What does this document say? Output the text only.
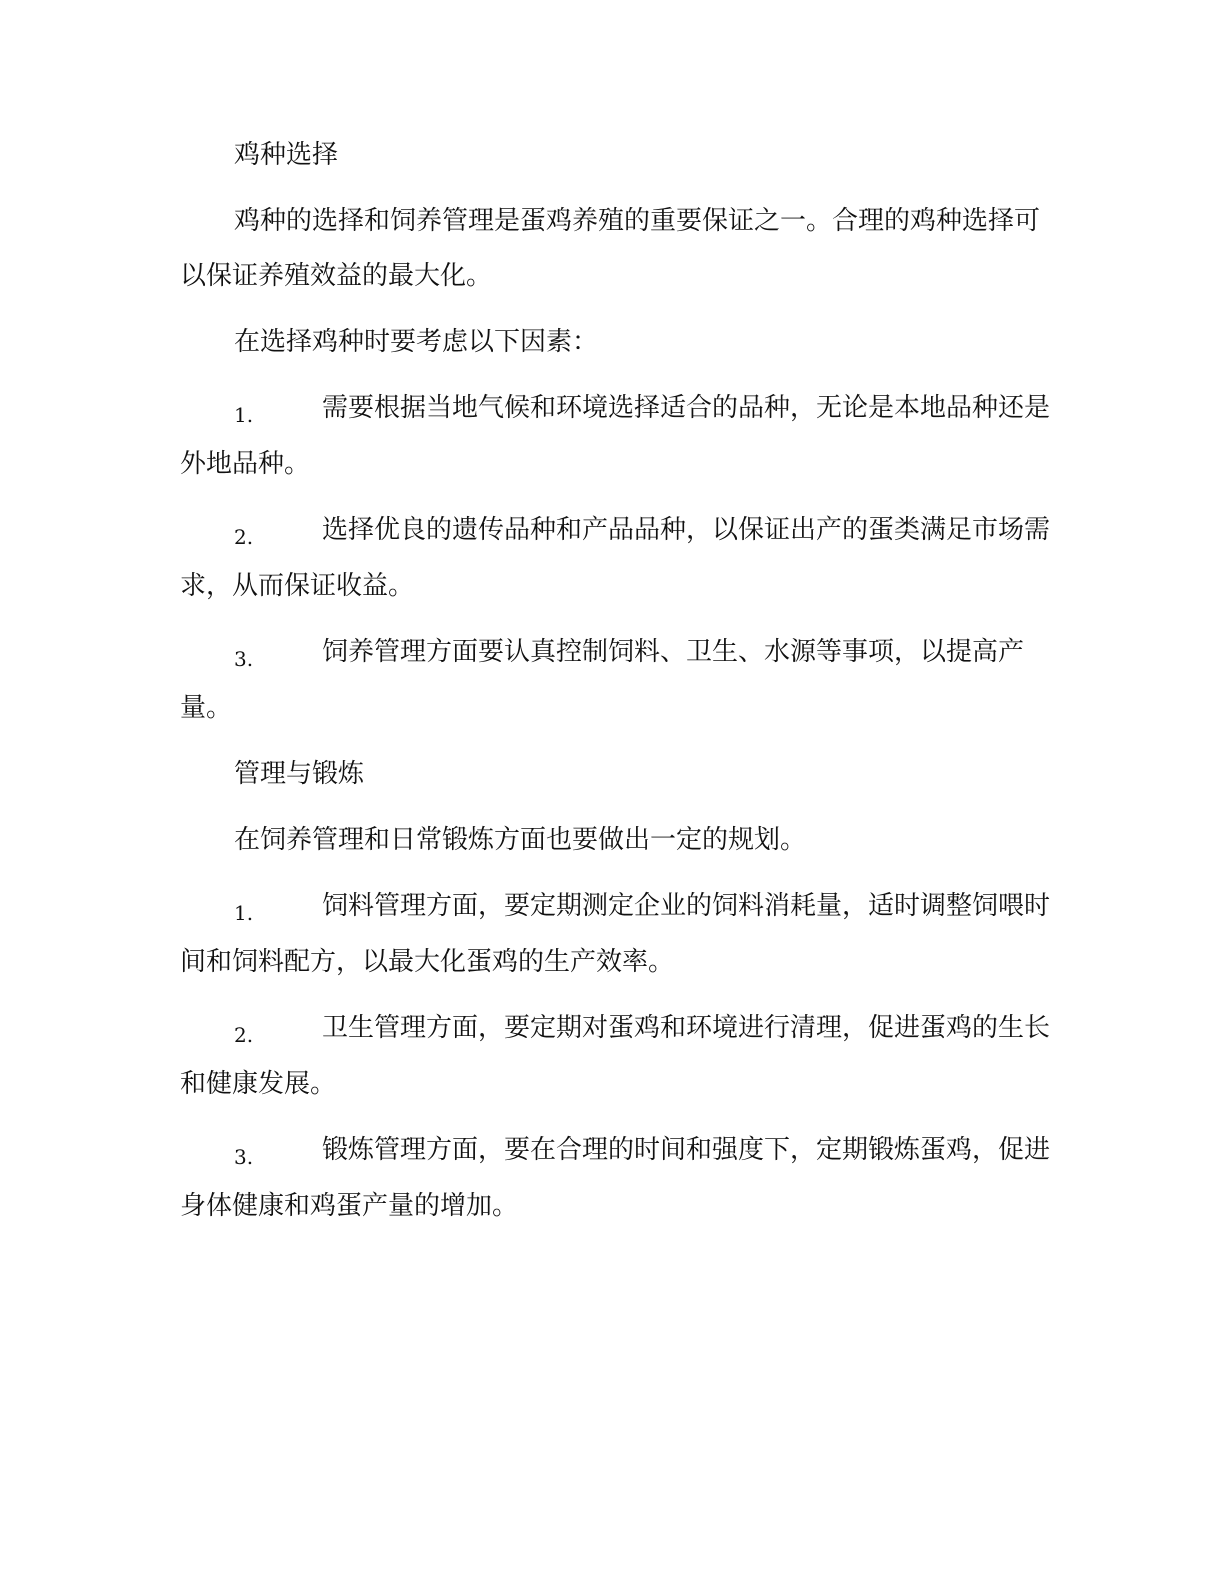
鸡种选择

鸡种的选择和饲养管理是蛋鸡养殖的重要保证之一。合理的鸡种选择可以保证养殖效益的最大化。

在选择鸡种时要考虑以下因素：

1.	需要根据当地气候和环境选择适合的品种，无论是本地品种还是外地品种。

2.	选择优良的遗传品种和产品品种，以保证出产的蛋类满足市场需求，从而保证收益。

3.	饲养管理方面要认真控制饲料、卫生、水源等事项，以提高产量。

管理与锻炼

在饲养管理和日常锻炼方面也要做出一定的规划。

1.	饲料管理方面，要定期测定企业的饲料消耗量，适时调整饲喂时间和饲料配方，以最大化蛋鸡的生产效率。

2.	卫生管理方面，要定期对蛋鸡和环境进行清理，促进蛋鸡的生长和健康发展。

3.	锻炼管理方面，要在合理的时间和强度下，定期锻炼蛋鸡，促进身体健康和鸡蛋产量的增加。
